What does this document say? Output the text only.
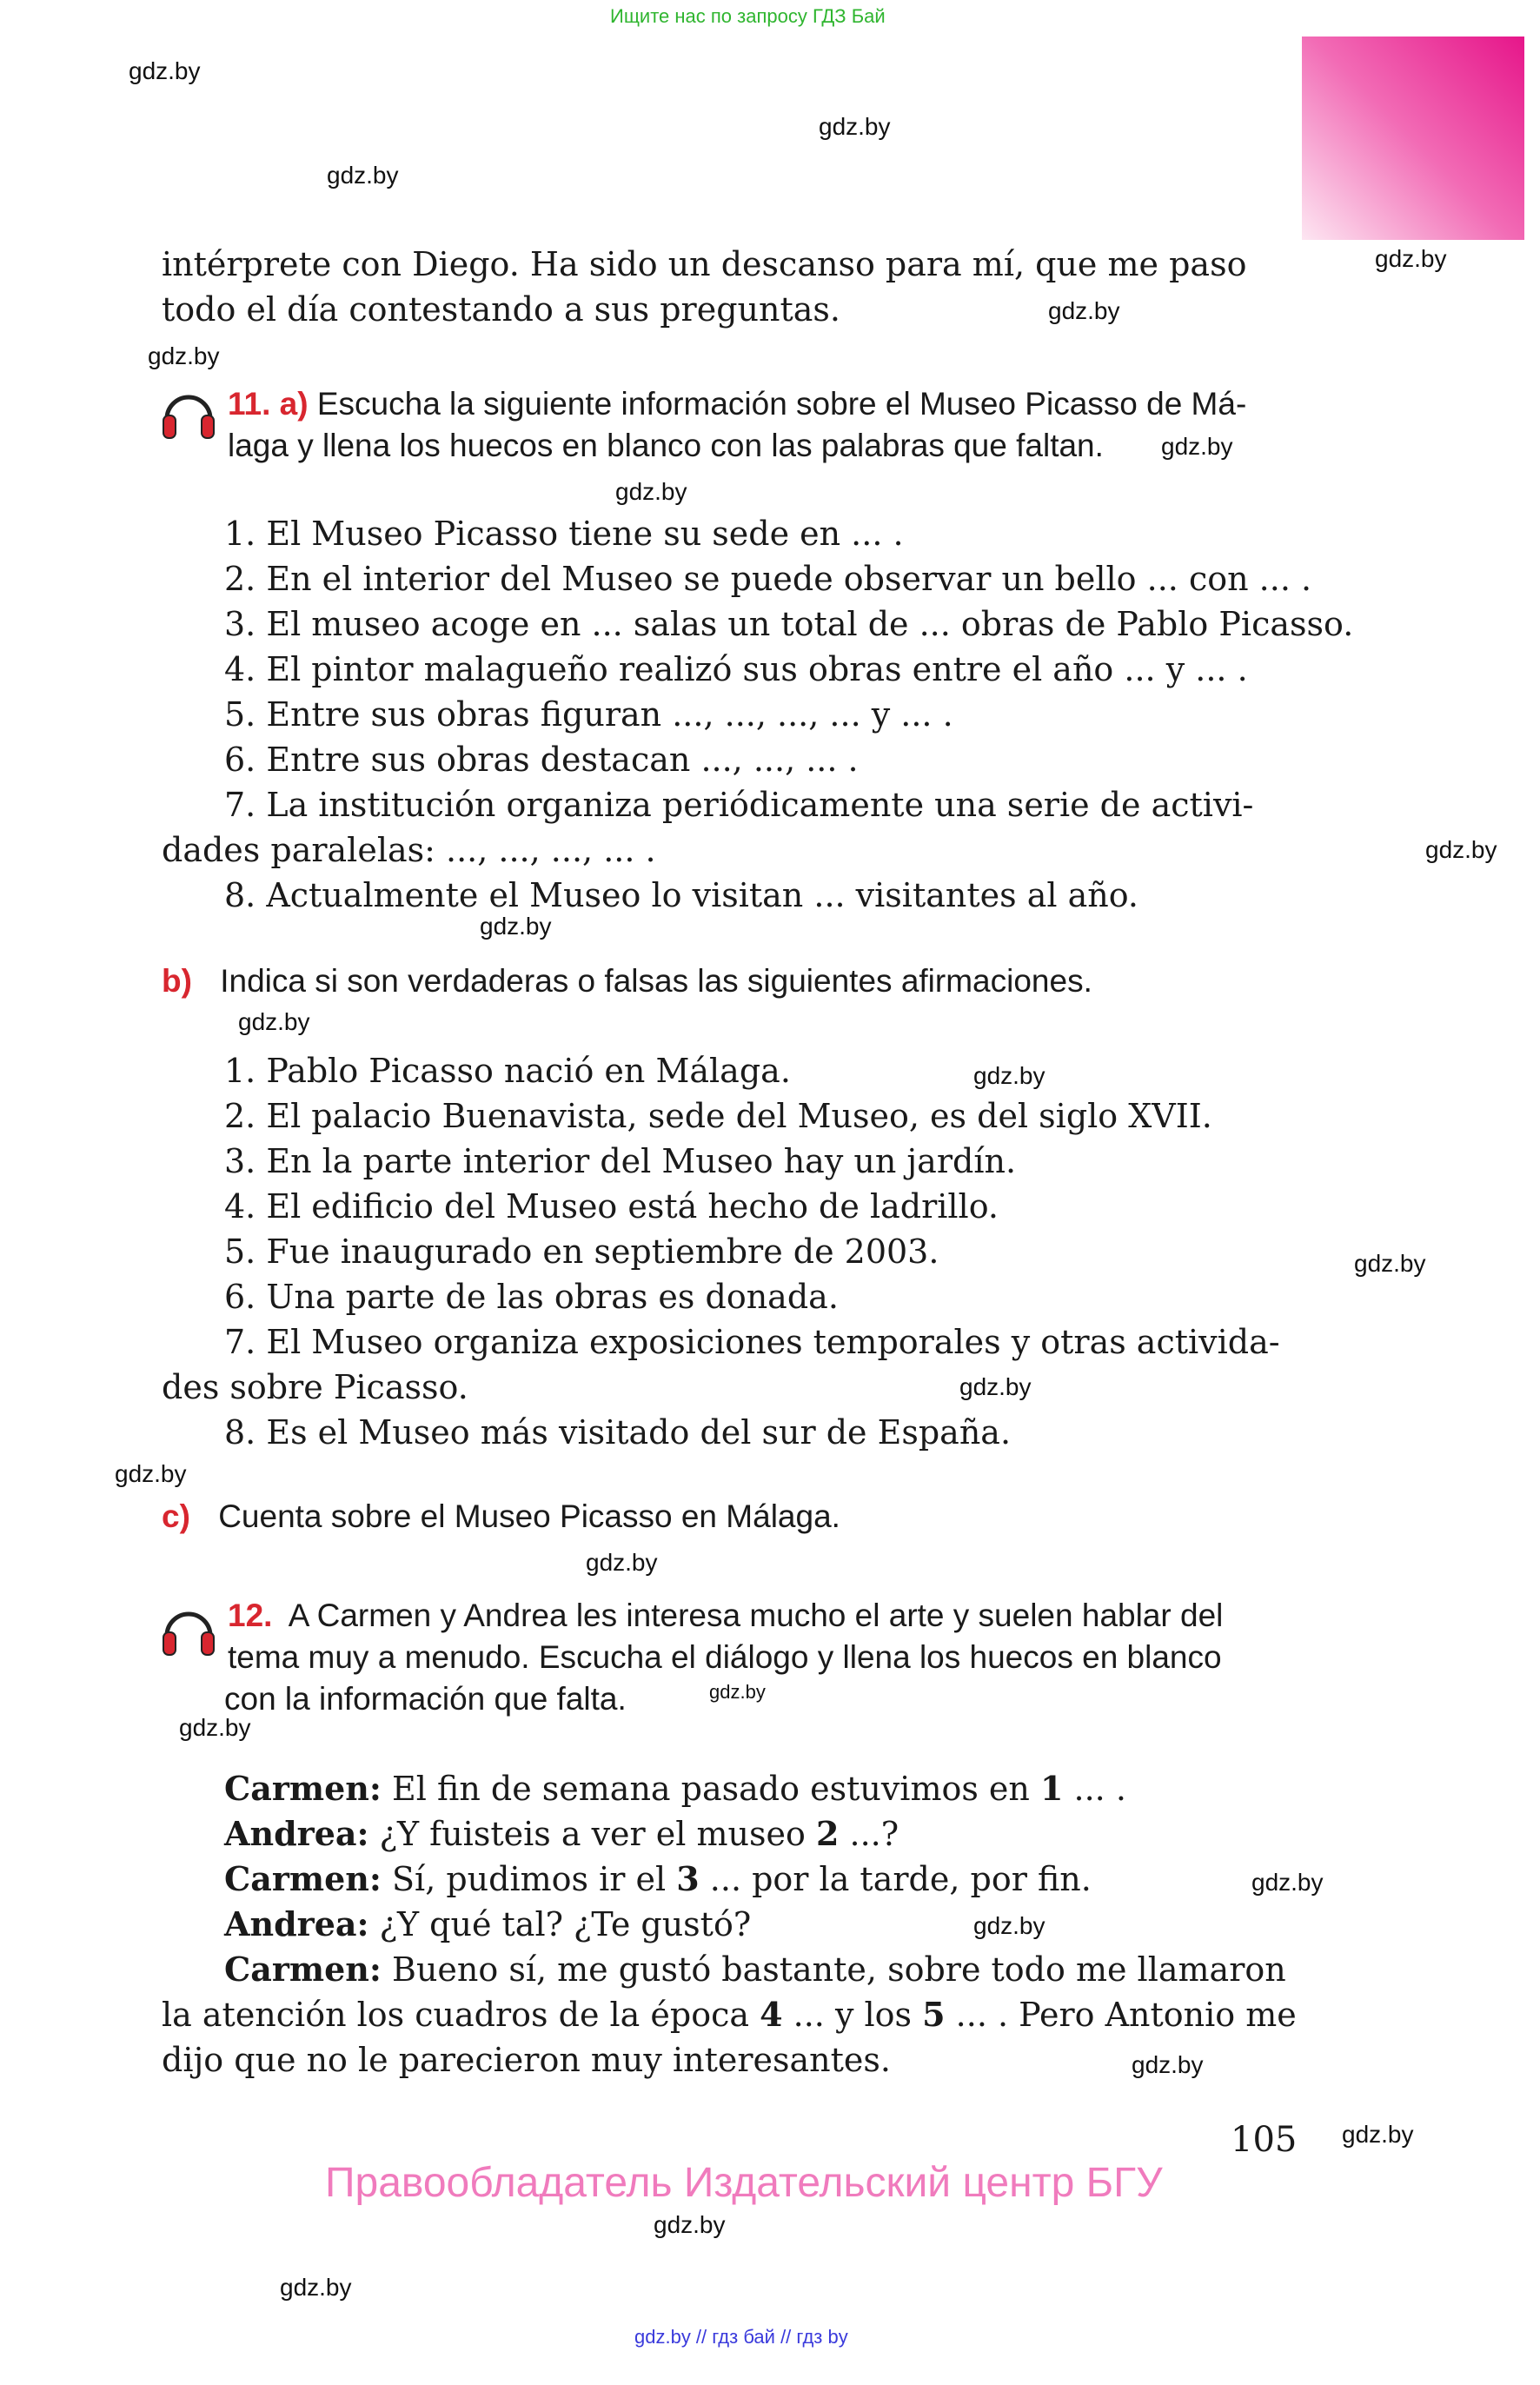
Ищите нас по запросу ГДЗ Бай
gdz.by
gdz.by
gdz.by
gdz.by
gdz.by
gdz.by
gdz.by
gdz.by
gdz.by
gdz.by
gdz.by
gdz.by
gdz.by
gdz.by
gdz.by
gdz.by
gdz.by
gdz.by
gdz.by
gdz.by
gdz.by
gdz.by
gdz.by
gdz.by
intérprete con Diego. Ha sido un descanso para mí, que me paso
todo el día contestando a sus preguntas.
11. a) Escucha la siguiente información sobre el Museo Picasso de Má-
laga y llena los huecos en blanco con las palabras que faltan.
1. El Museo Picasso tiene su sede en ... .
2. En el interior del Museo se puede observar un bello ... con ... .
3. El museo acoge en ... salas un total de ... obras de Pablo Picasso.
4. El pintor malagueño realizó sus obras entre el año ... y ... .
5. Entre sus obras figuran ..., ..., ..., ... y ... .
6. Entre sus obras destacan ..., ..., ... .
7. La institución organiza periódicamente una serie de activi-
dades paralelas: ..., ..., ..., ... .
8. Actualmente el Museo lo visitan ... visitantes al año.
b) Indica si son verdaderas o falsas las siguientes afirmaciones.
1. Pablo Picasso nació en Málaga.
2. El palacio Buenavista, sede del Museo, es del siglo XVII.
3. En la parte interior del Museo hay un jardín.
4. El edificio del Museo está hecho de ladrillo.
5. Fue inaugurado en septiembre de 2003.
6. Una parte de las obras es donada.
7. El Museo organiza exposiciones temporales y otras activida-
des sobre Picasso.
8. Es el Museo más visitado del sur de España.
c) Cuenta sobre el Museo Picasso en Málaga.
12. A Carmen y Andrea les interesa mucho el arte y suelen hablar del
tema muy a menudo. Escucha el diálogo y llena los huecos en blanco
con la información que falta.
Carmen: El fin de semana pasado estuvimos en 1 ... .
Andrea: ¿Y fuisteis a ver el museo 2 ...?
Carmen: Sí, pudimos ir el 3 ... por la tarde, por fin.
Andrea: ¿Y qué tal? ¿Te gustó?
Carmen: Bueno sí, me gustó bastante, sobre todo me llamaron
la atención los cuadros de la época 4 ... y los 5 ... . Pero Antonio me
dijo que no le parecieron muy interesantes.
105
Правообладатель Издательский центр БГУ
gdz.by // гдз бай // гдз by
